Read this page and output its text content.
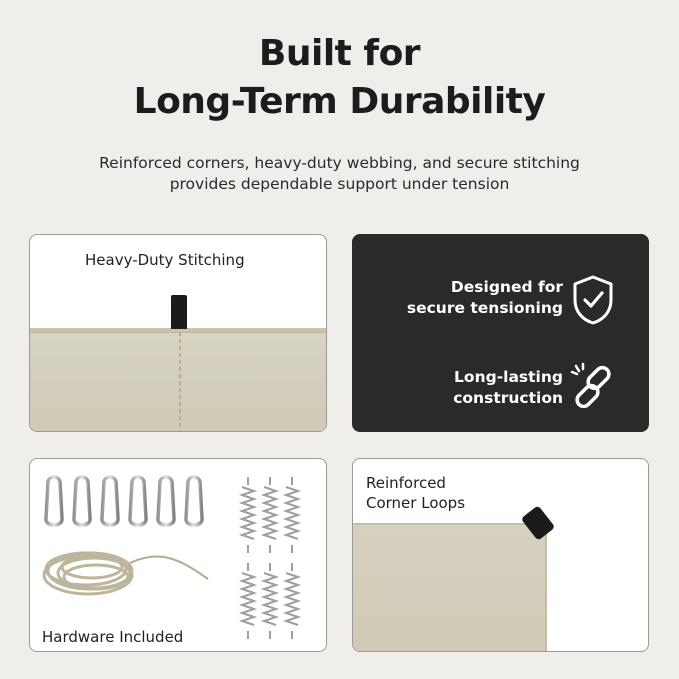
Built for
Long-Term Durability
Reinforced corners, heavy-duty webbing, and secure stitching
provides dependable support under tension
Heavy-Duty Stitching
Designed for
secure tensioning
Long-lasting
construction
Hardware Included
Reinforced
Corner Loops
